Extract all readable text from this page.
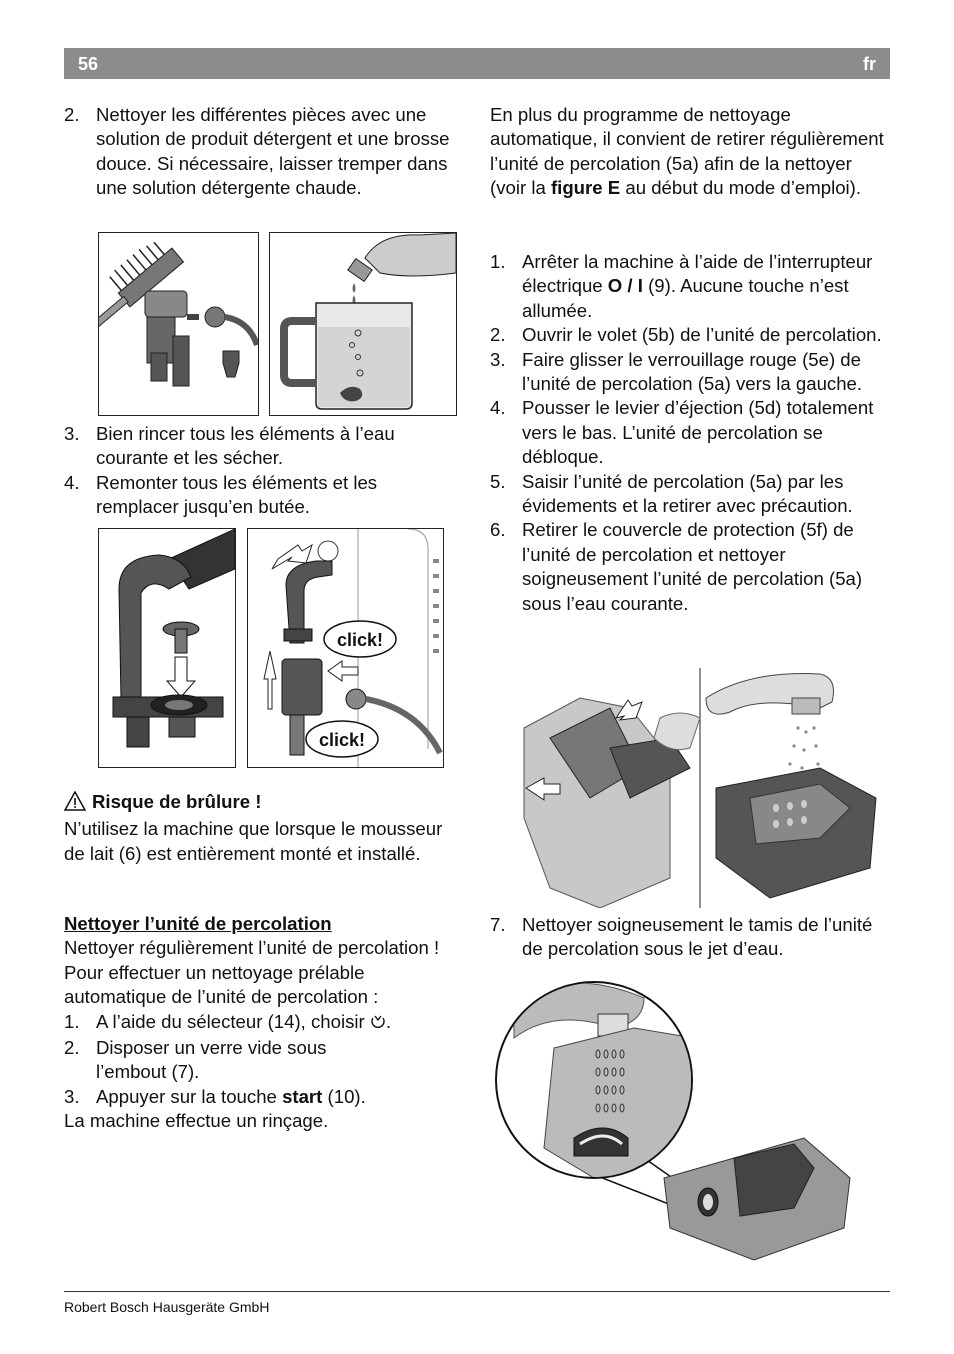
56	fr
2. Nettoyer les différentes pièces avec une solution de produit détergent et une brosse douce. Si nécessaire, laisser tremper dans une solution détergente chaude.
3. Bien rincer tous les éléments à l’eau courante et les sécher.
4. Remonter tous les éléments et les remplacer jusqu’en butée.
click!
click!

Risque de brûlure !

N’utilisez la machine que lorsque le mousseur de lait (6) est entièrement monté et installé.

Nettoyer l’unité de percolation

Nettoyer régulièrement l’unité de percolation !

Pour effectuer un nettoyage prélable automatique de l’unité de percolation :

1. A l’aide du sélecteur (14), choisir .
2. Disposer un verre vide sous l’embout (7).
3. Appuyer sur la touche start (10).

La machine effectue un rinçage.

En plus du programme de nettoyage automatique, il convient de retirer régulièrement l’unité de percolation (5a) afin de la nettoyer (voir la figure E au début du mode d’emploi).

1. Arrêter la machine à l’aide de l’interrupteur électrique O / I (9). Aucune touche n’est allumée.
2. Ouvrir le volet (5b) de l’unité de percolation.
3. Faire glisser le verrouillage rouge (5e) de l’unité de percolation (5a) vers la gauche.
4. Pousser le levier d’éjection (5d) totalement vers le bas. L’unité de percolation se débloque.
5. Saisir l’unité de percolation (5a) par les évidements et la retirer avec précaution.
6. Retirer le couvercle de protection (5f) de l’unité de percolation et nettoyer soigneusement l’unité de percolation (5a) sous l’eau courante.
7. Nettoyer soigneusement le tamis de l’unité de percolation sous le jet d’eau.
Robert Bosch Hausgeräte GmbH
